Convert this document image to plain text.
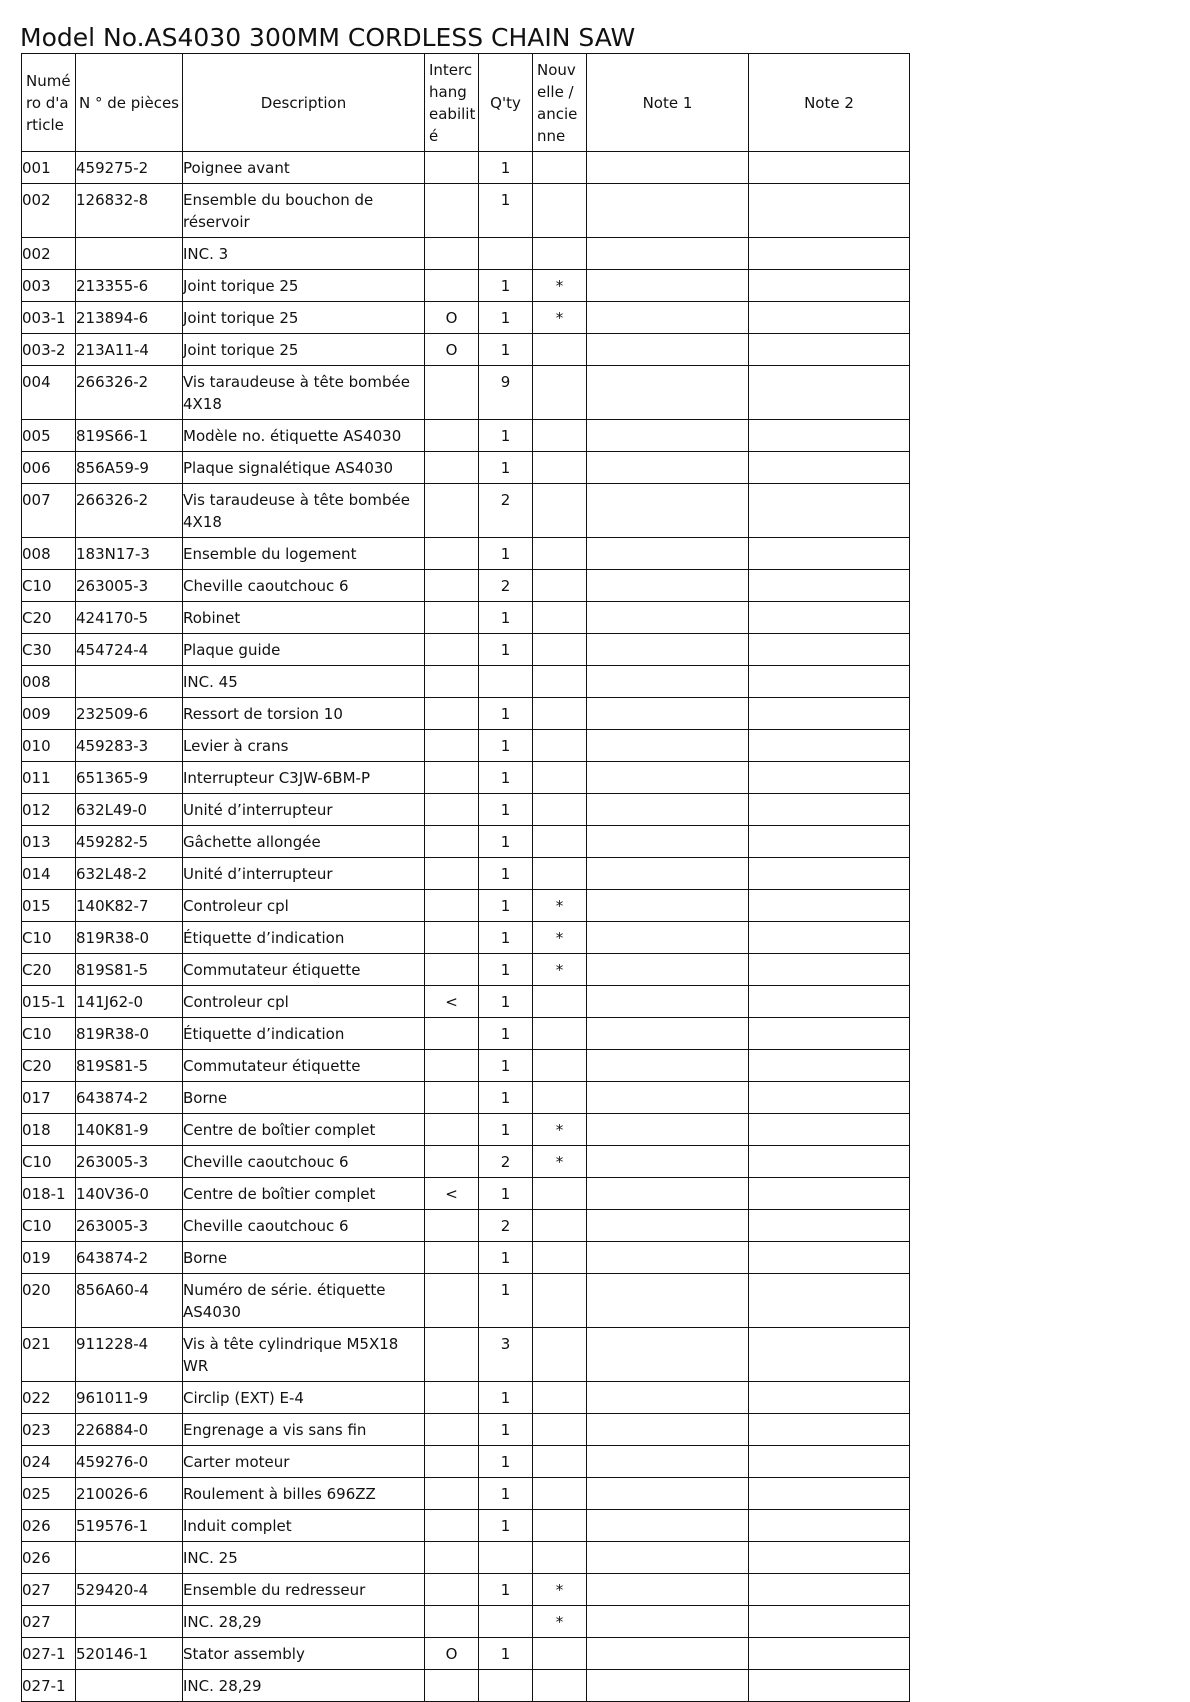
Model No.AS4030 300MM CORDLESS CHAIN SAW
Numé ro d'a rticle	N ° de pièces	Description	Interc hang eabilit é	Q'ty	Nouv elle / ancie nne	Note 1	Note 2
001	459275-2	Poignee avant		1			
002	126832-8	Ensemble du bouchon de réservoir		1			
002		INC. 3					
003	213355-6	Joint torique 25		1	*		
003-1	213894-6	Joint torique 25	O	1	*		
003-2	213A11-4	Joint torique 25	O	1			
004	266326-2	Vis taraudeuse à tête bombée 4X18		9			
005	819S66-1	Modèle no. étiquette AS4030		1			
006	856A59-9	Plaque signalétique AS4030		1			
007	266326-2	Vis taraudeuse à tête bombée 4X18		2			
008	183N17-3	Ensemble du logement		1			
C10	263005-3	Cheville caoutchouc 6		2			
C20	424170-5	Robinet		1			
C30	454724-4	Plaque guide		1			
008		INC. 45					
009	232509-6	Ressort de torsion 10		1			
010	459283-3	Levier à crans		1			
011	651365-9	Interrupteur C3JW-6BM-P		1			
012	632L49-0	Unité d’interrupteur		1			
013	459282-5	Gâchette allongée		1			
014	632L48-2	Unité d’interrupteur		1			
015	140K82-7	Controleur cpl		1	*		
C10	819R38-0	Étiquette d’indication		1	*		
C20	819S81-5	Commutateur étiquette		1	*		
015-1	141J62-0	Controleur cpl	<	1			
C10	819R38-0	Étiquette d’indication		1			
C20	819S81-5	Commutateur étiquette		1			
017	643874-2	Borne		1			
018	140K81-9	Centre de boîtier complet		1	*		
C10	263005-3	Cheville caoutchouc 6		2	*		
018-1	140V36-0	Centre de boîtier complet	<	1			
C10	263005-3	Cheville caoutchouc 6		2			
019	643874-2	Borne		1			
020	856A60-4	Numéro de série. étiquette AS4030		1			
021	911228-4	Vis à tête cylindrique M5X18 WR		3			
022	961011-9	Circlip (EXT) E-4		1			
023	226884-0	Engrenage a vis sans fin		1			
024	459276-0	Carter moteur		1			
025	210026-6	Roulement à billes 696ZZ		1			
026	519576-1	Induit complet		1			
026		INC. 25					
027	529420-4	Ensemble du redresseur		1	*		
027		INC. 28,29			*		
027-1	520146-1	Stator assembly	O	1			
027-1		INC. 28,29					
